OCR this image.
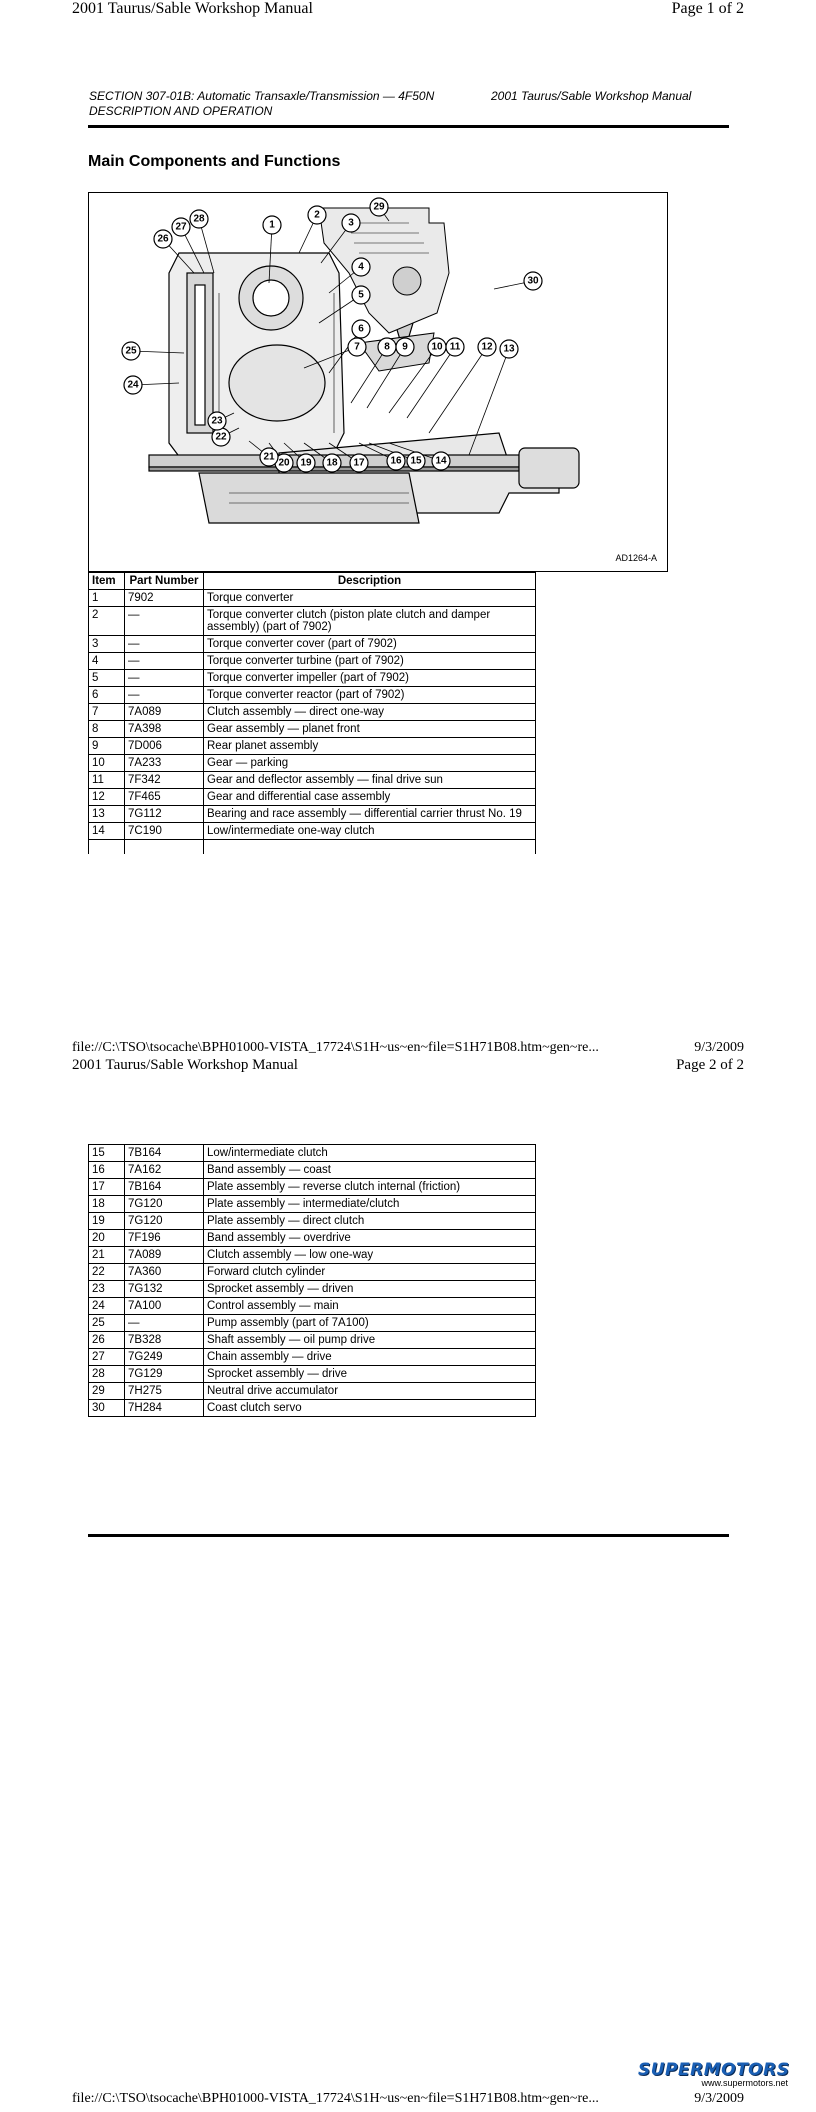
2001 Taurus/Sable Workshop Manual	Page 1 of 2
SECTION 307-01B: Automatic Transaxle/Transmission — 4F50N	2001 Taurus/Sable Workshop Manual
DESCRIPTION AND OPERATION
Main Components and Functions
1
2
3
4
5
6
7 8 9 10 11 12 13
14
15
16
17
18
19
20
21
22
23
24
25
26
27
28
29
30
AD1264-A
Item	Part Number	Description
1	7902	Torque converter
2	—	Torque converter clutch (piston plate clutch and damper assembly) (part of 7902)
3	—	Torque converter cover (part of 7902)
4	—	Torque converter turbine (part of 7902)
5	—	Torque converter impeller (part of 7902)
6	—	Torque converter reactor (part of 7902)
7	7A089	Clutch assembly — direct one-way
8	7A398	Gear assembly — planet front
9	7D006	Rear planet assembly
10	7A233	Gear — parking
11	7F342	Gear and deflector assembly — final drive sun
12	7F465	Gear and differential case assembly
13	7G112	Bearing and race assembly — differential carrier thrust No. 19
14	7C190	Low/intermediate one-way clutch

file://C:\TSO\tsocache\BPH01000-VISTA_17724\S1H~us~en~file=S1H71B08.htm~gen~re...	9/3/2009
2001 Taurus/Sable Workshop Manual	Page 2 of 2
15	7B164	Low/intermediate clutch
16	7A162	Band assembly — coast
17	7B164	Plate assembly — reverse clutch internal (friction)
18	7G120	Plate assembly — intermediate/clutch
19	7G120	Plate assembly — direct clutch
20	7F196	Band assembly — overdrive
21	7A089	Clutch assembly — low one-way
22	7A360	Forward clutch cylinder
23	7G132	Sprocket assembly — driven
24	7A100	Control assembly — main
25	—	Pump assembly (part of 7A100)
26	7B328	Shaft assembly — oil pump drive
27	7G249	Chain assembly — drive
28	7G129	Sprocket assembly — drive
29	7H275	Neutral drive accumulator
30	7H284	Coast clutch servo
file://C:\TSO\tsocache\BPH01000-VISTA_17724\S1H~us~en~file=S1H71B08.htm~gen~re...	9/3/2009
SUPERMOTORS
www.supermotors.net
